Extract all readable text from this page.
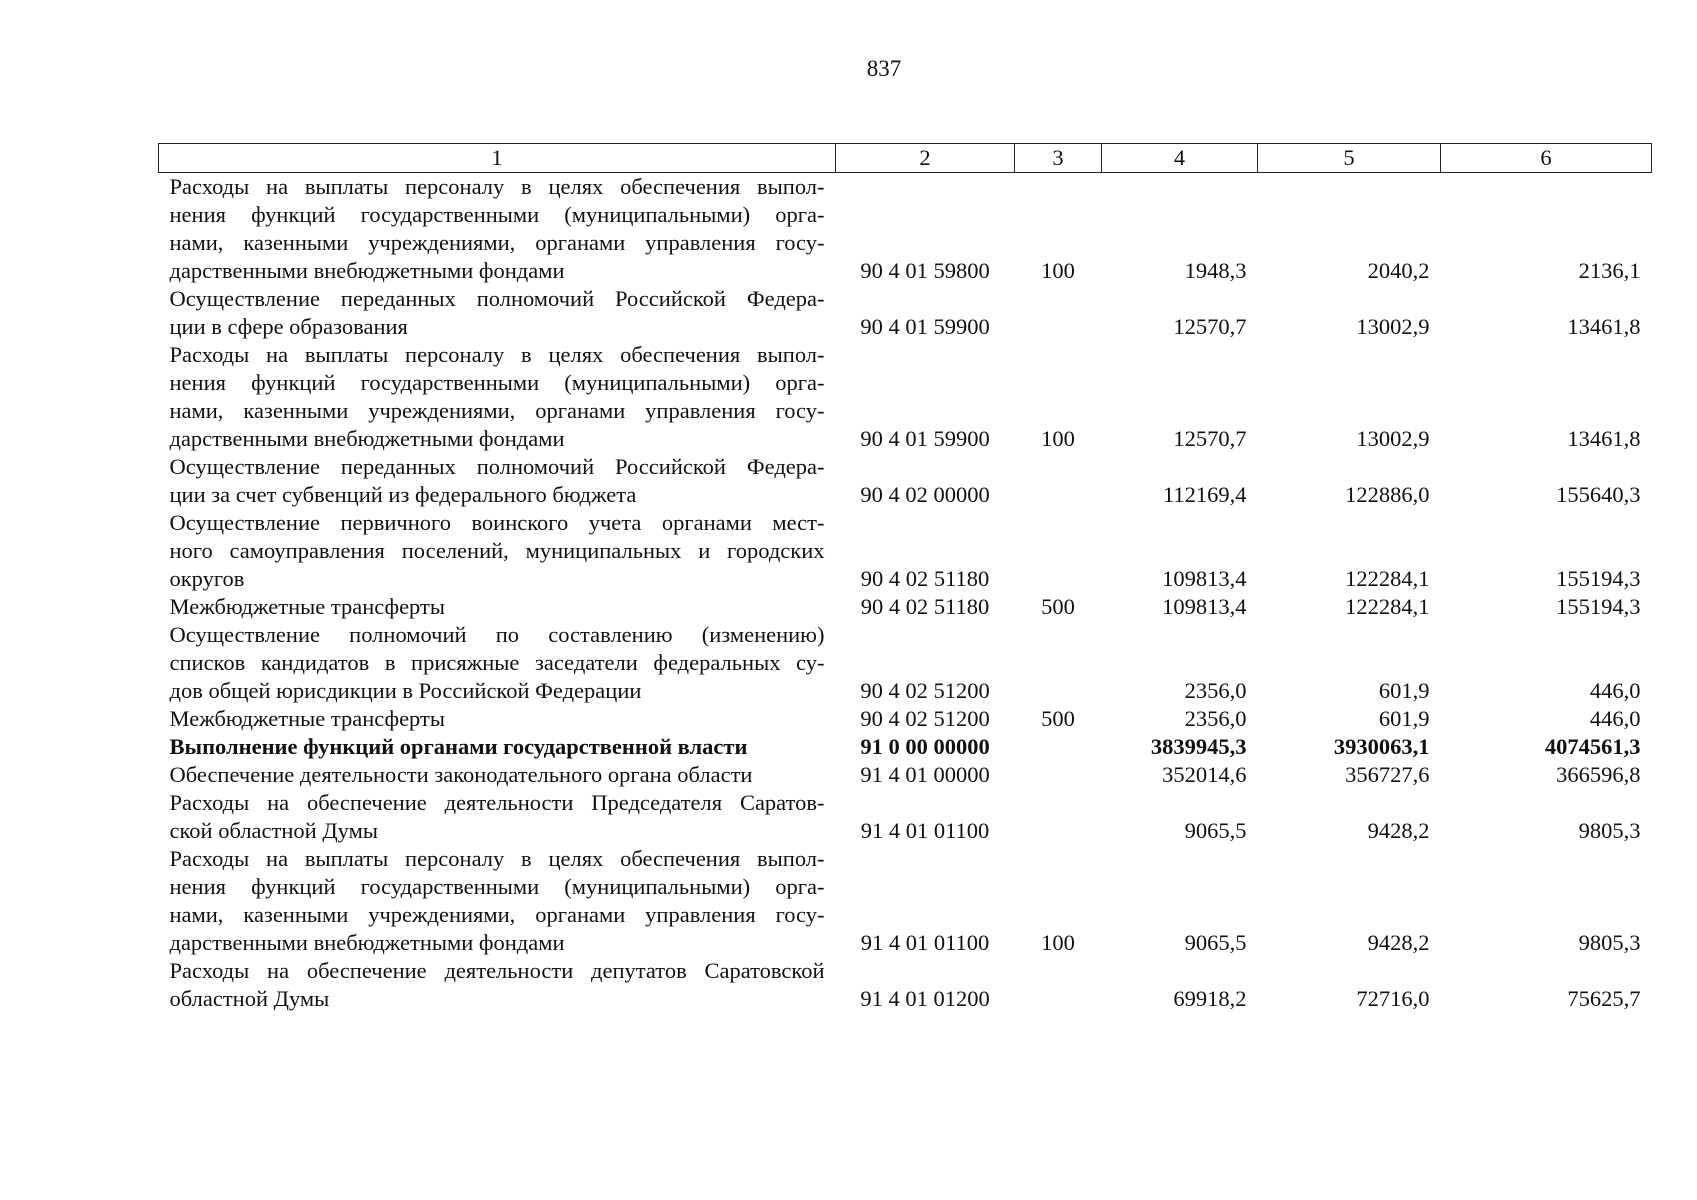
837
1	2	3	4	5	6

Расходы на выплаты персоналу в целях обеспечения выпол-
нения функций государственными (муниципальными) орга-
нами, казенными учреждениями, органами управления госу-
дарственными внебюджетными фондами	90 4 01 59800	100	1948,3	2040,2	2136,1

Осуществление переданных полномочий Российской Федера-
ции в сфере образования	90 4 01 59900		12570,7	13002,9	13461,8

Расходы на выплаты персоналу в целях обеспечения выпол-
нения функций государственными (муниципальными) орга-
нами, казенными учреждениями, органами управления госу-
дарственными внебюджетными фондами	90 4 01 59900	100	12570,7	13002,9	13461,8

Осуществление переданных полномочий Российской Федера-
ции за счет субвенций из федерального бюджета	90 4 02 00000		112169,4	122886,0	155640,3

Осуществление первичного воинского учета органами мест-
ного самоуправления поселений, муниципальных и городских
округов	90 4 02 51180		109813,4	122284,1	155194,3

Межбюджетные трансферты	90 4 02 51180	500	109813,4	122284,1	155194,3

Осуществление полномочий по составлению (изменению)
списков кандидатов в присяжные заседатели федеральных су-
дов общей юрисдикции в Российской Федерации	90 4 02 51200		2356,0	601,9	446,0

Межбюджетные трансферты	90 4 02 51200	500	2356,0	601,9	446,0

Выполнение функций органами государственной власти	91 0 00 00000		3839945,3	3930063,1	4074561,3

Обеспечение деятельности законодательного органа области	91 4 01 00000		352014,6	356727,6	366596,8

Расходы на обеспечение деятельности Председателя Саратов-
ской областной Думы	91 4 01 01100		9065,5	9428,2	9805,3

Расходы на выплаты персоналу в целях обеспечения выпол-
нения функций государственными (муниципальными) орга-
нами, казенными учреждениями, органами управления госу-
дарственными внебюджетными фондами	91 4 01 01100	100	9065,5	9428,2	9805,3

Расходы на обеспечение деятельности депутатов Саратовской
областной Думы	91 4 01 01200		69918,2	72716,0	75625,7
